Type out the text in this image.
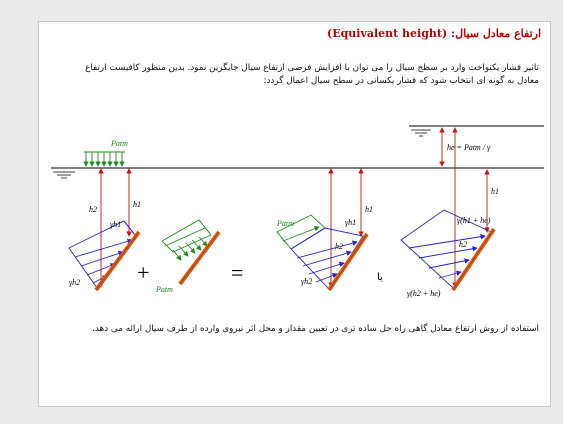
ارتفاع معادل سیال: (Equivalent height)
تاثیر فشار یکنواخت وارد بر سطح سیال را می توان با افزایش فرضی ارتفاع سیال جایگزین نمود. بدین منظور کافیست ارتفاع معادل به گونه ای انتخاب شود که فشار یکسانی در سطح سیال اعمال گردد:
he = Patm / γ
Patm
h2
h1
γh1
γh2	+
Patm
=
h1
h2
Patm	γh1
γh2	یا
h1
h2
γ(h1 + he)
γ(h2 + he)
استفاده از روش ارتفاع معادل گاهی راه حل ساده تری در تعیین مقدار و محل اثر نیروی وارده از طرف سیال ارائه می دهد.
